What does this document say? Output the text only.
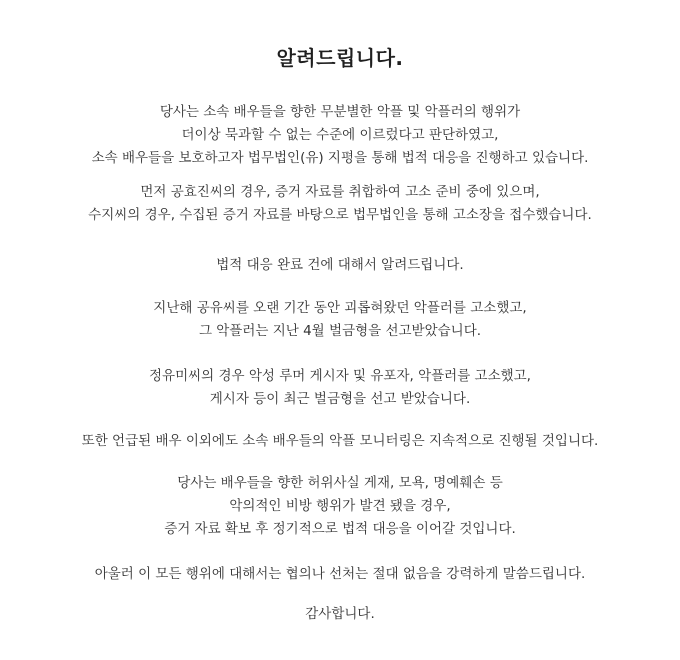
알려드립니다.
당사는 소속 배우들을 향한 무분별한 악플 및 악플러의 행위가
더이상 묵과할 수 없는 수준에 이르렀다고 판단하였고,
소속 배우들을 보호하고자 법무법인(유) 지평을 통해 법적 대응을 진행하고 있습니다.
먼저 공효진씨의 경우, 증거 자료를 취합하여 고소 준비 중에 있으며,
수지씨의 경우, 수집된 증거 자료를 바탕으로 법무법인을 통해 고소장을 접수했습니다.
법적 대응 완료 건에 대해서 알려드립니다.
지난해 공유씨를 오랜 기간 동안 괴롭혀왔던 악플러를 고소했고,
그 악플러는 지난 4월 벌금형을 선고받았습니다.
정유미씨의 경우 악성 루머 게시자 및 유포자, 악플러를 고소했고,
게시자 등이 최근 벌금형을 선고 받았습니다.
또한 언급된 배우 이외에도 소속 배우들의 악플 모니터링은 지속적으로 진행될 것입니다.
당사는 배우들을 향한 허위사실 게재, 모욕, 명예훼손 등
악의적인 비방 행위가 발견 됐을 경우,
증거 자료 확보 후 정기적으로 법적 대응을 이어갈 것입니다.
아울러 이 모든 행위에 대해서는 협의나 선처는 절대 없음을 강력하게 말씀드립니다.
감사합니다.
